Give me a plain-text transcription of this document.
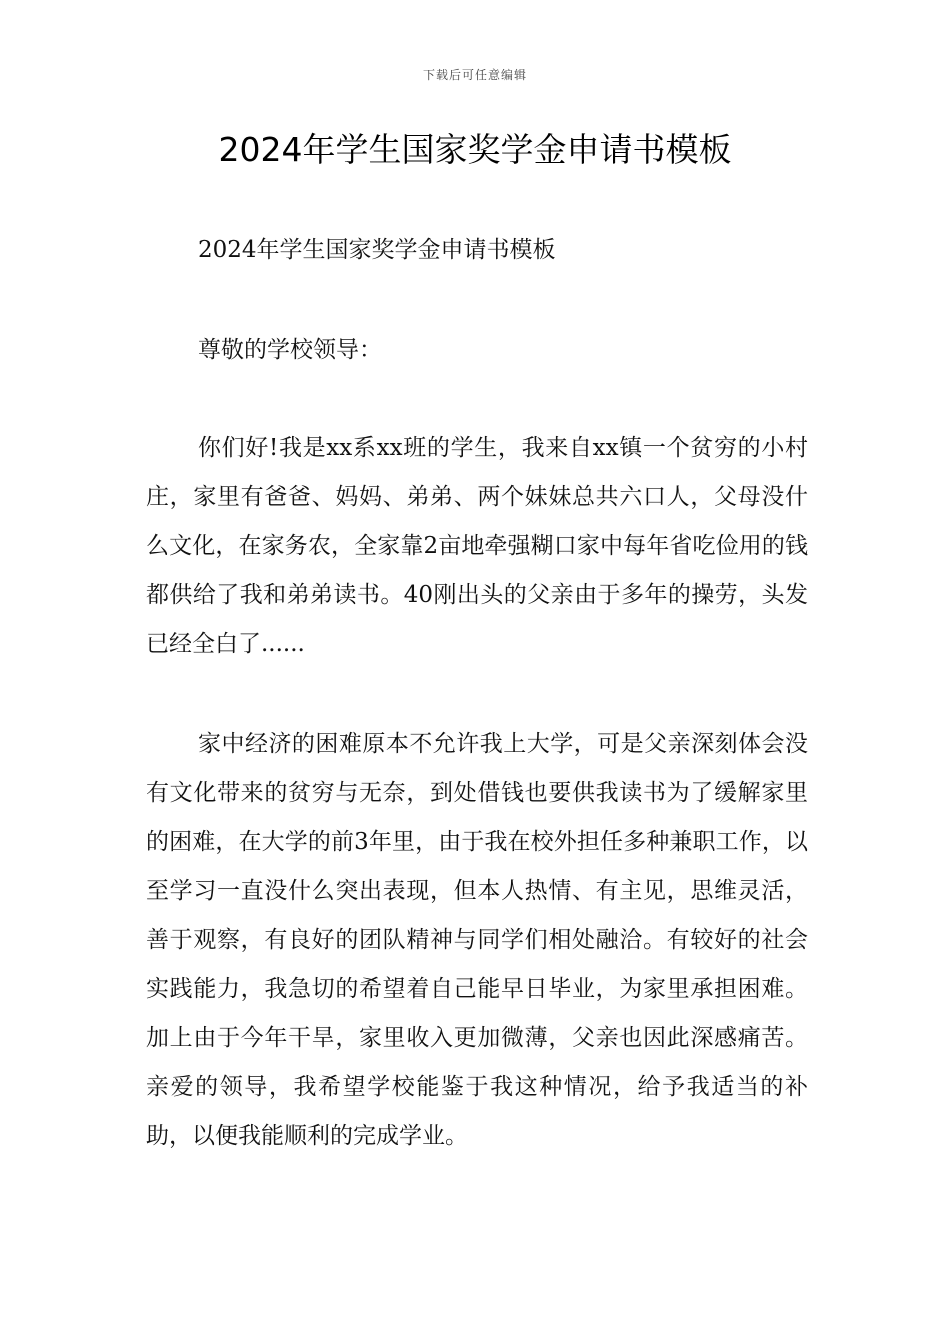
下载后可任意编辑
2024年学生国家奖学金申请书模板

2024年学生国家奖学金申请书模板

尊敬的学校领导：

你们好!我是xx系xx班的学生，我来自xx镇一个贫穷的小村庄，家里有爸爸、妈妈、弟弟、两个妹妹总共六口人，父母没什么文化，在家务农，全家靠2亩地牵强糊口家中每年省吃俭用的钱都供给了我和弟弟读书。40刚出头的父亲由于多年的操劳，头发已经全白了......

家中经济的困难原本不允许我上大学，可是父亲深刻体会没有文化带来的贫穷与无奈，到处借钱也要供我读书为了缓解家里的困难，在大学的前3年里，由于我在校外担任多种兼职工作，以至学习一直没什么突出表现，但本人热情、有主见，思维灵活，善于观察，有良好的团队精神与同学们相处融洽。有较好的社会实践能力，我急切的希望着自己能早日毕业，为家里承担困难。加上由于今年干旱，家里收入更加微薄，父亲也因此深感痛苦。亲爱的领导，我希望学校能鉴于我这种情况，给予我适当的补助，以便我能顺利的完成学业。
